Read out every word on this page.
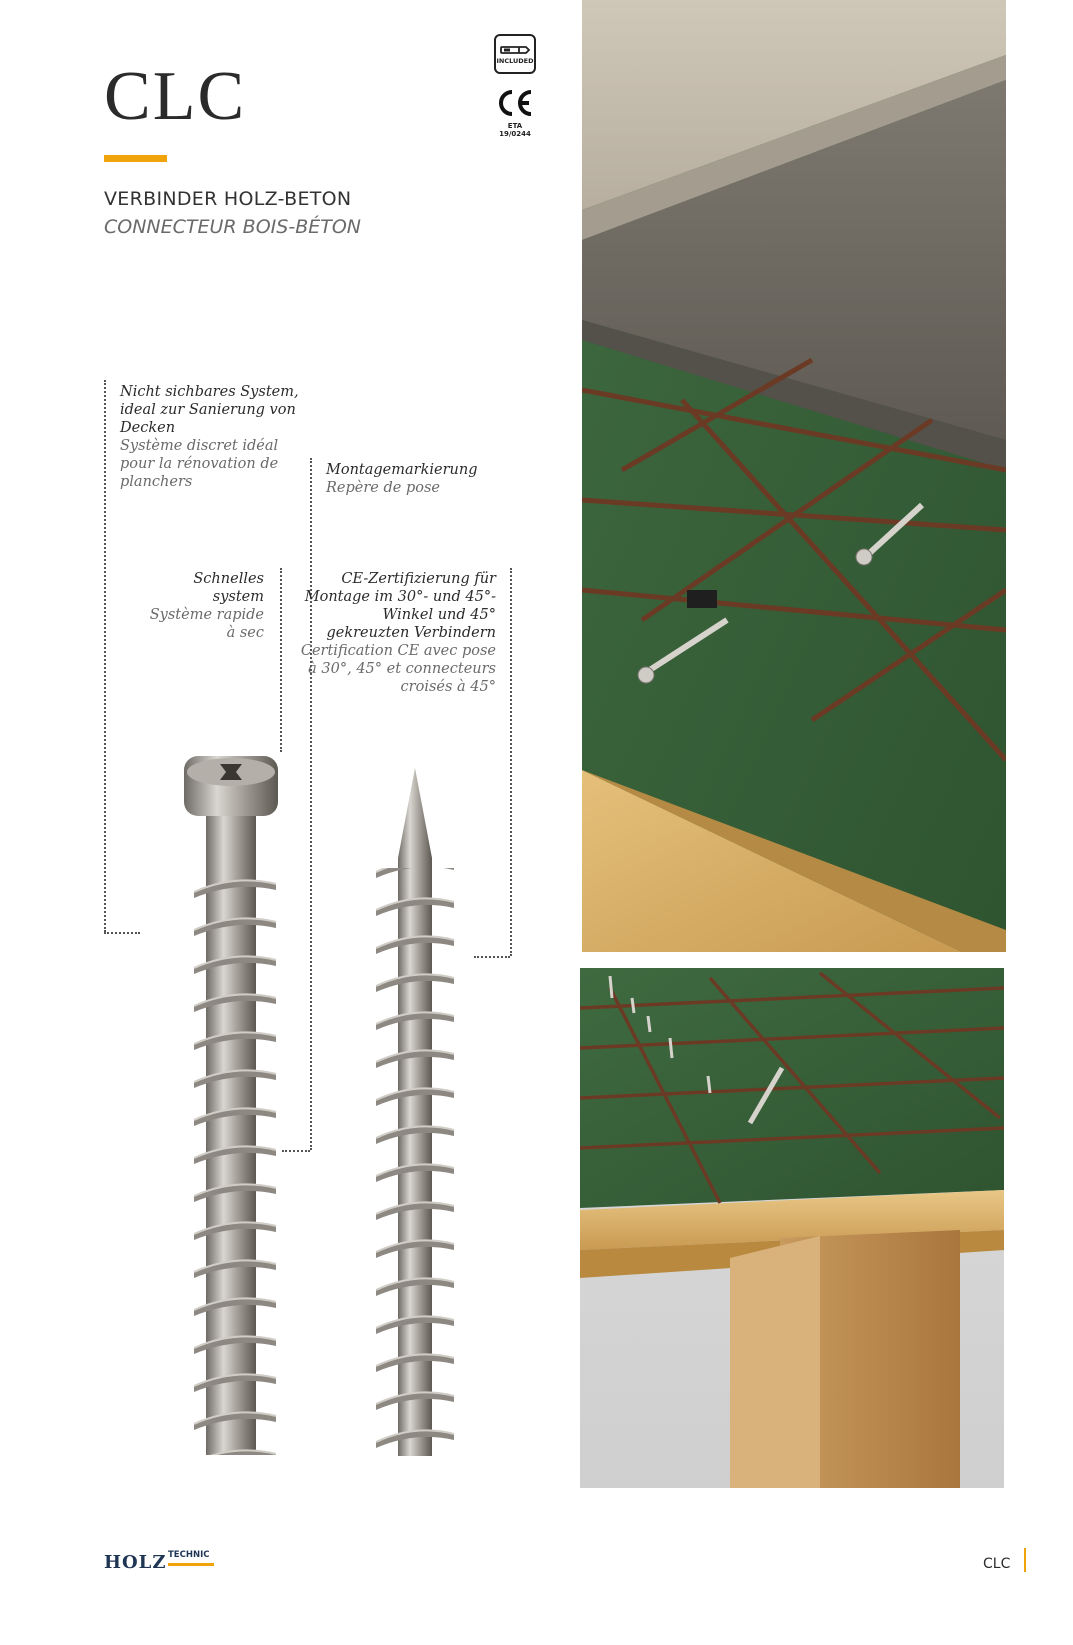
CLC
VERBINDER HOLZ-BETON
CONNECTEUR BOIS-BÉTON
INCLUDED
ETA 19/0244
Nicht sichbares System, ideal zur Sanierung von Decken
Système discret idéal pour la rénovation de planchers
Montagemarkierung
Repère de pose
Schnelles system
Système rapide à sec
CE-Zertifizierung für Montage im 30°- und 45°-Winkel und 45° gekreuzten Verbindern
Certification CE avec pose à 30°, 45° et connecteurs croisés à 45°
HOLZ TECHNIC
CLC
